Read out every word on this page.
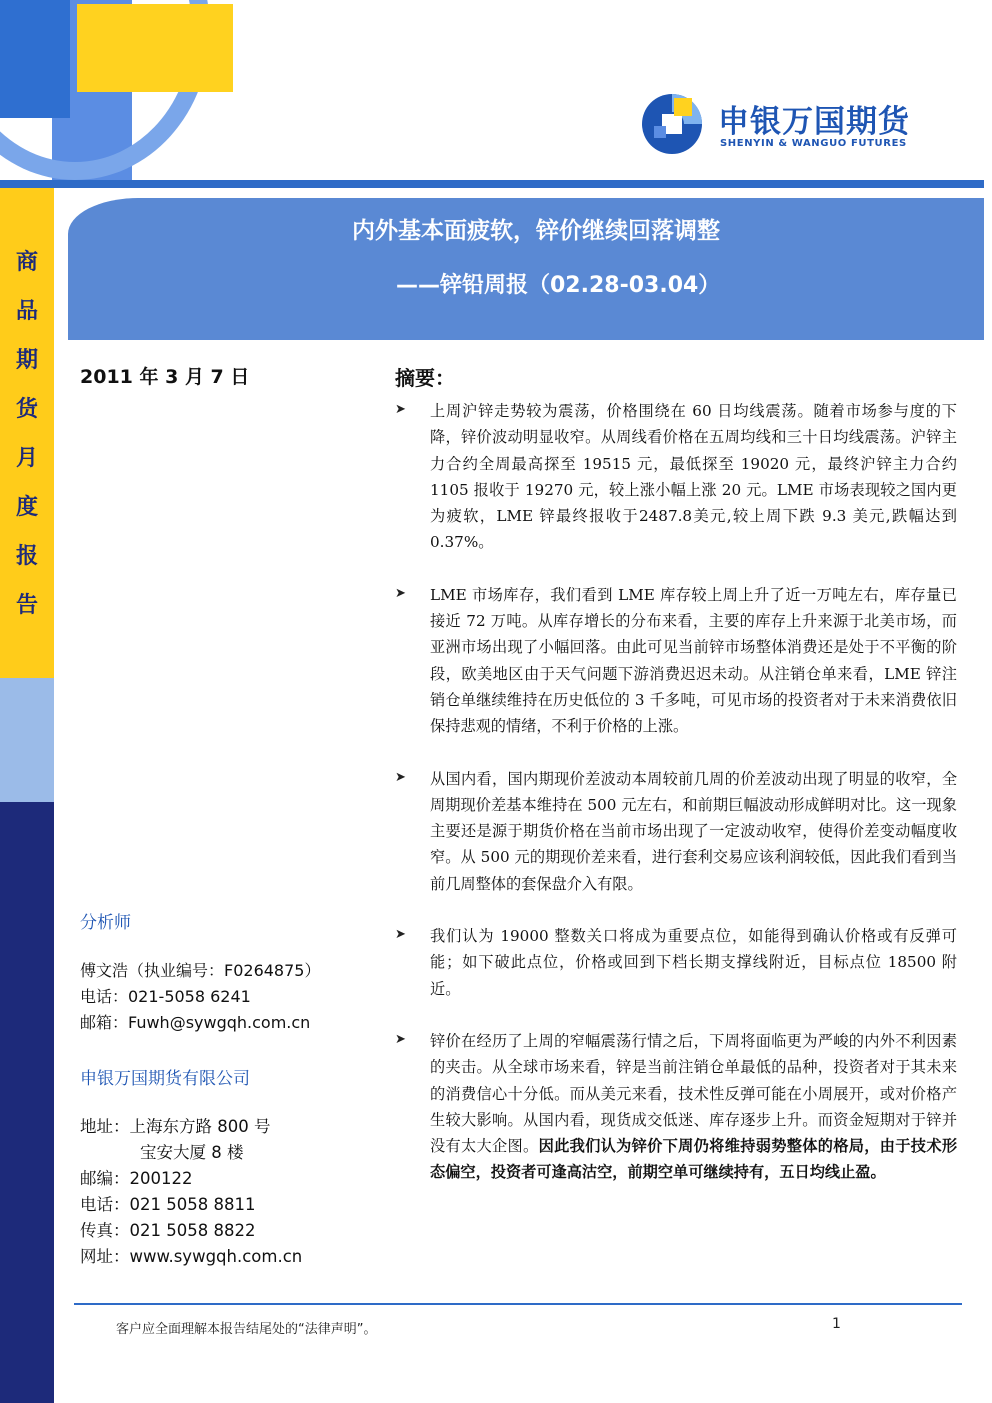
申银万国期货
SHENYIN & WANGUO FUTURES
商
品
期
货
月
度
报
告
内外基本面疲软，锌价继续回落调整
——锌铅周报（02.28-03.04）
2011 年 3 月 7 日
分析师
傅文浩（执业编号：F0264875）
电话：021-5058 6241
邮箱：Fuwh@sywgqh.com.cn
申银万国期货有限公司
地址：上海东方路 800 号
宝安大厦 8 楼
邮编：200122
电话：021 5058 8811
传真：021 5058 8822
网址：www.sywgqh.com.cn
摘要：
➤ 上周沪锌走势较为震荡，价格围绕在 60 日均线震荡。随着市场参与度的下降，锌价波动明显收窄。从周线看价格在五周均线和三十日均线震荡。沪锌主力合约全周最高探至 19515 元，最低探至 19020 元，最终沪锌主力合约 1105 报收于 19270 元，较上涨小幅上涨 20 元。LME 市场表现较之国内更为疲软，LME 锌最终报收于2487.8美元,较上周下跌 9.3 美元,跌幅达到 0.37%。
➤ LME 市场库存，我们看到 LME 库存较上周上升了近一万吨左右，库存量已接近 72 万吨。从库存增长的分布来看，主要的库存上升来源于北美市场，而亚洲市场出现了小幅回落。由此可见当前锌市场整体消费还是处于不平衡的阶段，欧美地区由于天气问题下游消费迟迟未动。从注销仓单来看，LME 锌注销仓单继续维持在历史低位的 3 千多吨，可见市场的投资者对于未来消费依旧保持悲观的情绪，不利于价格的上涨。
➤ 从国内看，国内期现价差波动本周较前几周的价差波动出现了明显的收窄，全周期现价差基本维持在 500 元左右，和前期巨幅波动形成鲜明对比。这一现象主要还是源于期货价格在当前市场出现了一定波动收窄，使得价差变动幅度收窄。从 500 元的期现价差来看，进行套利交易应该利润较低，因此我们看到当前几周整体的套保盘介入有限。
➤ 我们认为 19000 整数关口将成为重要点位，如能得到确认价格或有反弹可能；如下破此点位，价格或回到下档长期支撑线附近，目标点位 18500 附近。
➤ 锌价在经历了上周的窄幅震荡行情之后，下周将面临更为严峻的内外不利因素的夹击。从全球市场来看，锌是当前注销仓单最低的品种，投资者对于其未来的消费信心十分低。而从美元来看，技术性反弹可能在小周展开，或对价格产生较大影响。从国内看，现货成交低迷、库存逐步上升。而资金短期对于锌并没有太大企图。因此我们认为锌价下周仍将维持弱势整体的格局，由于技术形态偏空，投资者可逢高沽空，前期空单可继续持有，五日均线止盈。
客户应全面理解本报告结尾处的“法律声明”。	1
